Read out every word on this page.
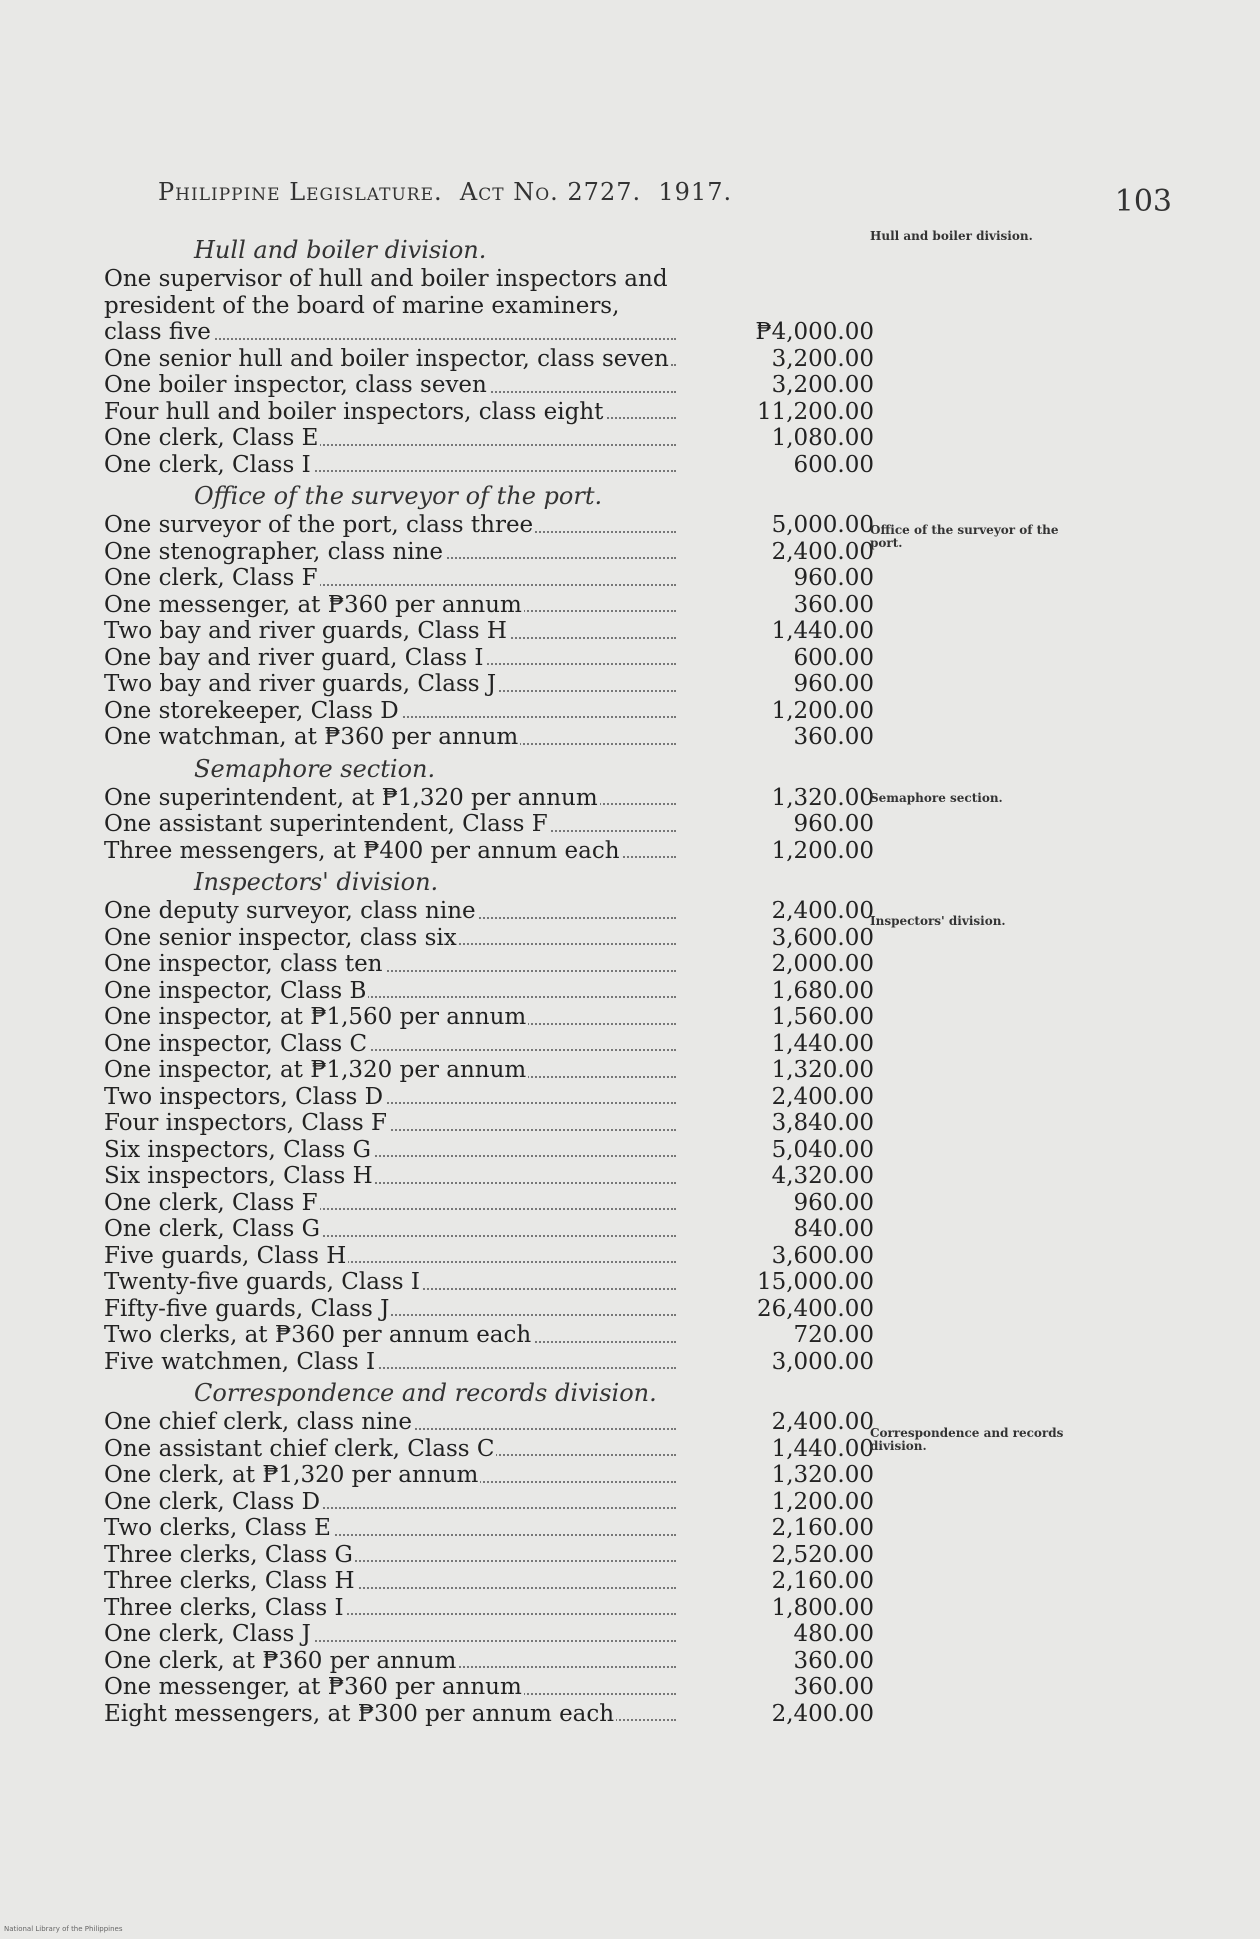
Philippine Legislature. Act No. 2727. 1917.	103
Hull and boiler division.
One supervisor of hull and boiler inspectors and president of the board of marine examiners, class five	₱4,000.00
One senior hull and boiler inspector, class seven	3,200.00
One boiler inspector, class seven	3,200.00
Four hull and boiler inspectors, class eight	11,200.00
One clerk, Class E	1,080.00
One clerk, Class I	600.00
Office of the surveyor of the port.
One surveyor of the port, class three	5,000.00
One stenographer, class nine	2,400.00
One clerk, Class F	960.00
One messenger, at ₱360 per annum	360.00
Two bay and river guards, Class H	1,440.00
One bay and river guard, Class I	600.00
Two bay and river guards, Class J	960.00
One storekeeper, Class D	1,200.00
One watchman, at ₱360 per annum	360.00
Semaphore section.
One superintendent, at ₱1,320 per annum	1,320.00
One assistant superintendent, Class F	960.00
Three messengers, at ₱400 per annum each	1,200.00
Inspectors' division.
One deputy surveyor, class nine	2,400.00
One senior inspector, class six	3,600.00
One inspector, class ten	2,000.00
One inspector, Class B	1,680.00
One inspector, at ₱1,560 per annum	1,560.00
One inspector, Class C	1,440.00
One inspector, at ₱1,320 per annum	1,320.00
Two inspectors, Class D	2,400.00
Four inspectors, Class F	3,840.00
Six inspectors, Class G	5,040.00
Six inspectors, Class H	4,320.00
One clerk, Class F	960.00
One clerk, Class G	840.00
Five guards, Class H	3,600.00
Twenty-five guards, Class I	15,000.00
Fifty-five guards, Class J	26,400.00
Two clerks, at ₱360 per annum each	720.00
Five watchmen, Class I	3,000.00
Correspondence and records division.
One chief clerk, class nine	2,400.00
One assistant chief clerk, Class C	1,440.00
One clerk, at ₱1,320 per annum	1,320.00
One clerk, Class D	1,200.00
Two clerks, Class E	2,160.00
Three clerks, Class G	2,520.00
Three clerks, Class H	2,160.00
Three clerks, Class I	1,800.00
One clerk, Class J	480.00
One clerk, at ₱360 per annum	360.00
One messenger, at ₱360 per annum	360.00
Eight messengers, at ₱300 per annum each	2,400.00
National Library of the Philippines
Hull and boiler division.
Office of the surveyor of the port.
Semaphore section.
Inspectors' division.
Correspondence and records division.
